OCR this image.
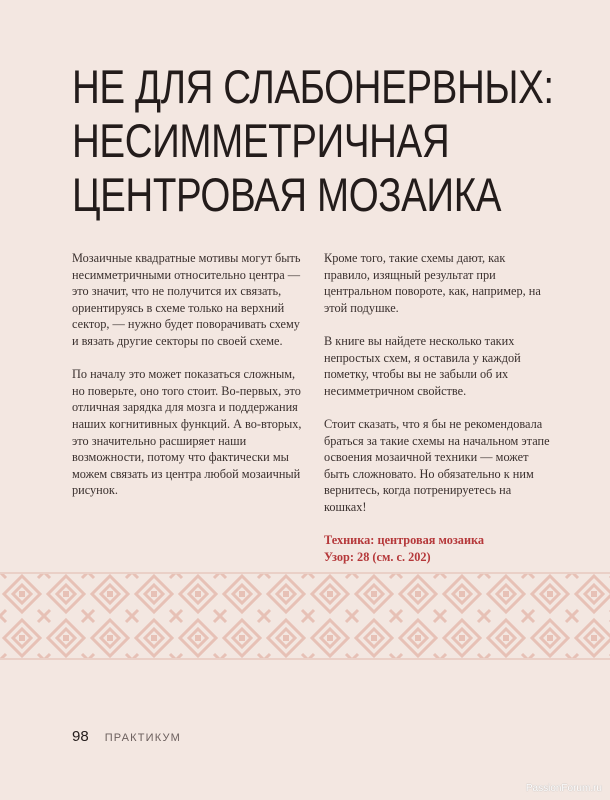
НЕ ДЛЯ СЛАБОНЕРВНЫХ:
НЕСИММЕТРИЧНАЯ
ЦЕНТРОВАЯ МОЗАИКА

Мозаичные квадратные мотивы могут быть несимметричными относительно центра — это значит, что не получится их связать, ориентируясь в схеме только на верхний сектор, — нужно будет поворачивать схему и вязать другие секторы по своей схеме.

По началу это может показаться сложным, но поверьте, оно того стоит. Во-первых, это отличная зарядка для мозга и поддержания наших когнитивных функций. А во-вторых, это значительно расширяет наши возможности, потому что фактически мы можем связать из центра любой мозаичный рисунок.

Кроме того, такие схемы дают, как правило, изящный результат при центральном повороте, как, например, на этой подушке.

В книге вы найдете несколько таких непростых схем, я оставила у каждой пометку, чтобы вы не забыли об их несимметричном свойстве.

Стоит сказать, что я бы не рекомендовала браться за такие схемы на начальном этапе освоения мозаичной техники — может быть сложновато. Но обязательно к ним вернитесь, когда потренируетесь на кошках!

Техника: центровая мозаика
Узор: 28 (см. с. 202)
98 ПРАКТИКУМ
PassionForum.ru
